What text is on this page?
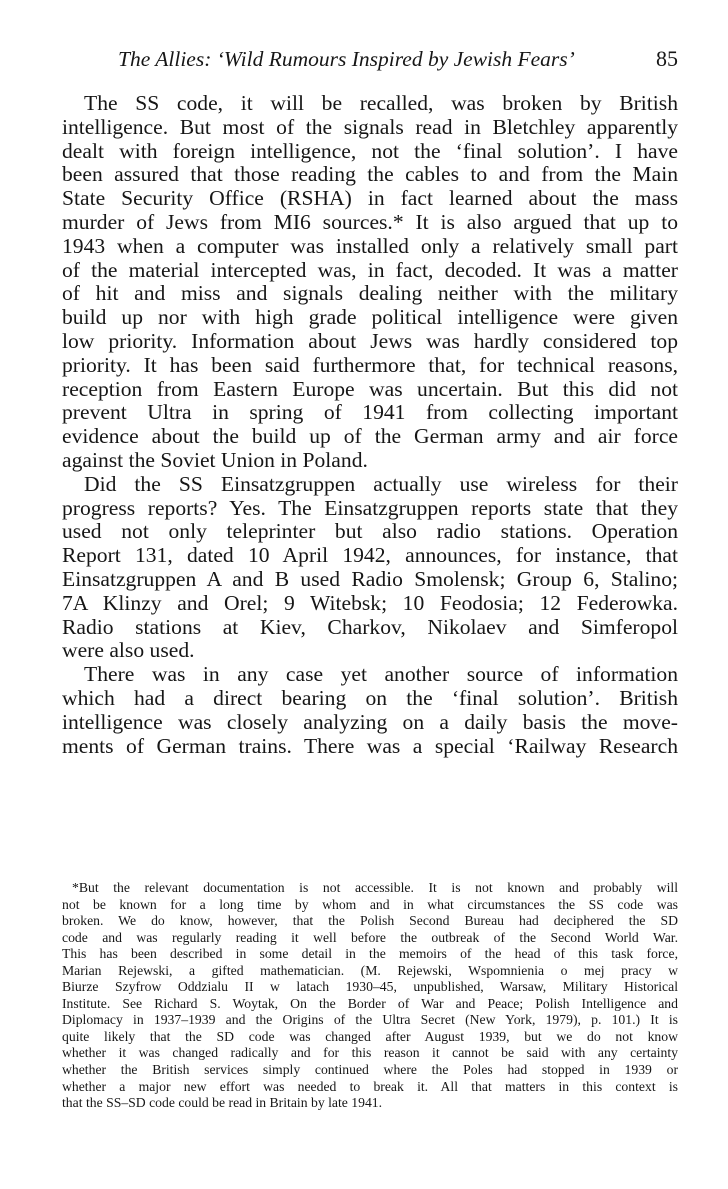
The Allies: ‘Wild Rumours Inspired by Jewish Fears’	85
The SS code, it will be recalled, was broken by British
intelligence. But most of the signals read in Bletchley apparently
dealt with foreign intelligence, not the ‘final solution’. I have
been assured that those reading the cables to and from the Main
State Security Office (RSHA) in fact learned about the mass
murder of Jews from MI6 sources.* It is also argued that up to
1943 when a computer was installed only a relatively small part
of the material intercepted was, in fact, decoded. It was a matter
of hit and miss and signals dealing neither with the military
build up nor with high grade political intelligence were given
low priority. Information about Jews was hardly considered top
priority. It has been said furthermore that, for technical reasons,
reception from Eastern Europe was uncertain. But this did not
prevent Ultra in spring of 1941 from collecting important
evidence about the build up of the German army and air force
against the Soviet Union in Poland.
Did the SS Einsatzgruppen actually use wireless for their
progress reports? Yes. The Einsatzgruppen reports state that they
used not only teleprinter but also radio stations. Operation
Report 131, dated 10 April 1942, announces, for instance, that
Einsatzgruppen A and B used Radio Smolensk; Group 6, Stalino;
7A Klinzy and Orel; 9 Witebsk; 10 Feodosia; 12 Federowka.
Radio stations at Kiev, Charkov, Nikolaev and Simferopol
were also used.
There was in any case yet another source of information
which had a direct bearing on the ‘final solution’. British
intelligence was closely analyzing on a daily basis the move-
ments of German trains. There was a special ‘Railway Research
*But the relevant documentation is not accessible. It is not known and probably will
not be known for a long time by whom and in what circumstances the SS code was
broken. We do know, however, that the Polish Second Bureau had deciphered the SD
code and was regularly reading it well before the outbreak of the Second World War.
This has been described in some detail in the memoirs of the head of this task force,
Marian Rejewski, a gifted mathematician. (M. Rejewski, Wspomnienia o mej pracy w
Biurze Szyfrow Oddzialu II w latach 1930–45, unpublished, Warsaw, Military Historical
Institute. See Richard S. Woytak, On the Border of War and Peace; Polish Intelligence and
Diplomacy in 1937–1939 and the Origins of the Ultra Secret (New York, 1979), p. 101.) It is
quite likely that the SD code was changed after August 1939, but we do not know
whether it was changed radically and for this reason it cannot be said with any certainty
whether the British services simply continued where the Poles had stopped in 1939 or
whether a major new effort was needed to break it. All that matters in this context is
that the SS–SD code could be read in Britain by late 1941.
